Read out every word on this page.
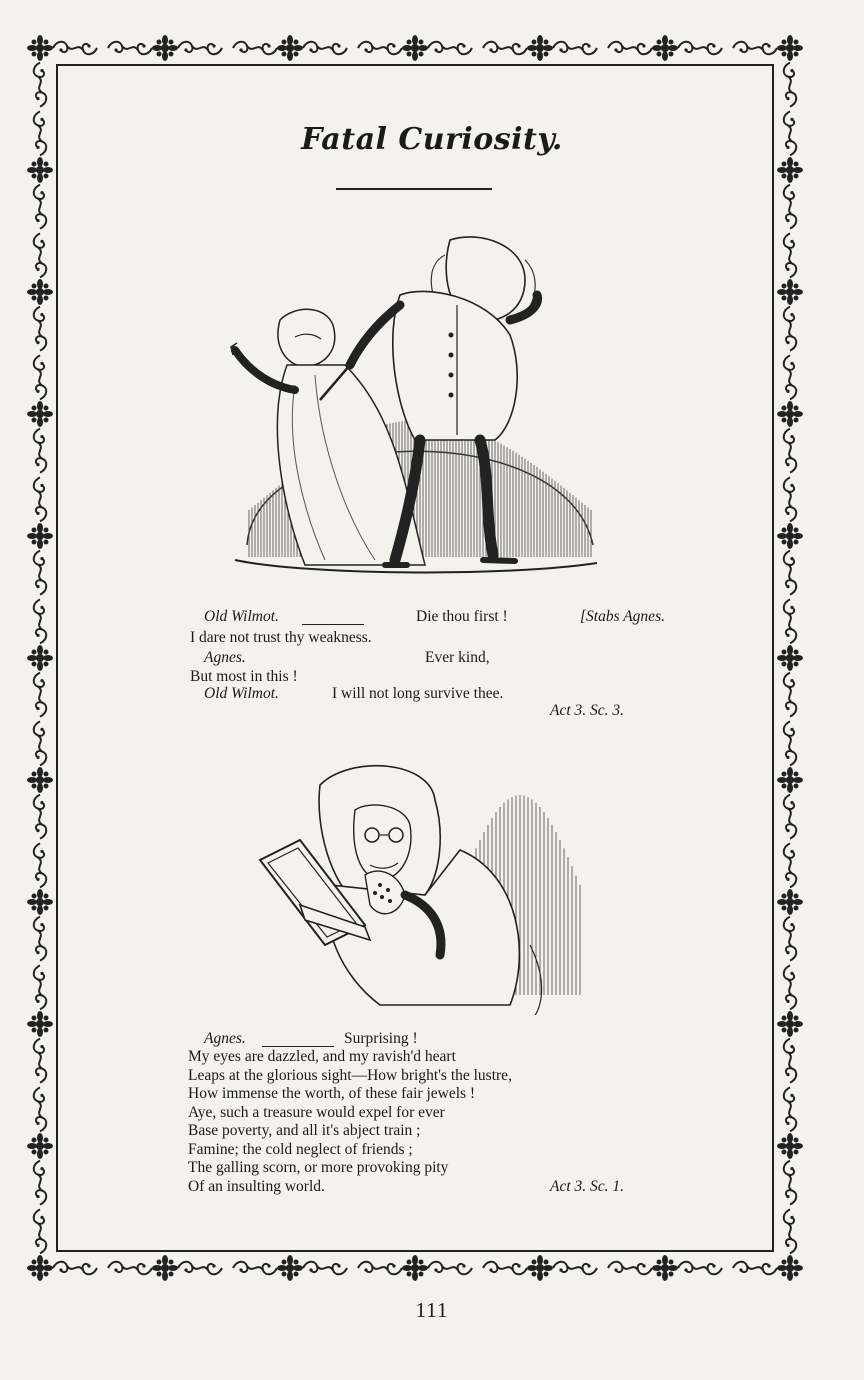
Fatal Curiosity.
Old Wilmot.	Die thou first !	[Stabs Agnes.
I dare not trust thy weakness.
Agnes.	Ever kind,
But most in this !
Old Wilmot.	I will not long survive thee.
Act 3. Sc. 3.
Agnes.	Surprising !
My eyes are dazzled, and my ravish'd heart
Leaps at the glorious sight—How bright's the lustre,
How immense the worth, of these fair jewels !
Aye, such a treasure would expel for ever
Base poverty, and all it's abject train ;
Famine; the cold neglect of friends ;
The galling scorn, or more provoking pity
Of an insulting world.	Act 3. Sc. 1.
111
